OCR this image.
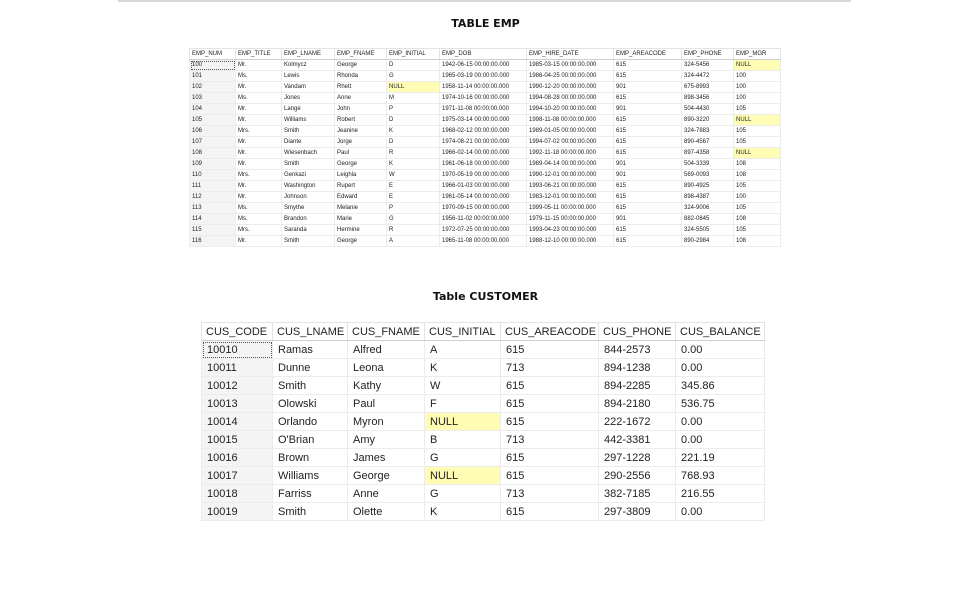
TABLE EMP
EMP_NUM	EMP_TITLE	EMP_LNAME	EMP_FNAME	EMP_INITIAL	EMP_DOB	EMP_HIRE_DATE	EMP_AREACODE	EMP_PHONE	EMP_MGR
100	Mr.	Kolmycz	George	D	1942-06-15 00:00:00.000	1985-03-15 00:00:00.000	615	324-5456	NULL
101	Ms.	Lewis	Rhonda	G	1965-03-19 00:00:00.000	1986-04-25 00:00:00.000	615	324-4472	100
102	Mr.	Vandam	Rhett	NULL	1958-11-14 00:00:00.000	1990-12-20 00:00:00.000	901	675-8993	100
103	Ms.	Jones	Anne	M	1974-10-16 00:00:00.000	1994-08-28 00:00:00.000	615	898-3456	100
104	Mr.	Lange	John	P	1971-11-08 00:00:00.000	1994-10-20 00:00:00.000	901	504-4430	105
105	Mr.	Williams	Robert	D	1975-03-14 00:00:00.000	1998-11-08 00:00:00.000	615	890-3220	NULL
106	Mrs.	Smith	Jeanine	K	1968-02-12 00:00:00.000	1989-01-05 00:00:00.000	615	324-7883	105
107	Mr.	Diante	Jorge	D	1974-08-21 00:00:00.000	1994-07-02 00:00:00.000	615	890-4567	105
108	Mr.	Wiesenbach	Paul	R	1966-02-14 00:00:00.000	1992-11-18 00:00:00.000	615	897-4358	NULL
109	Mr.	Smith	George	K	1961-06-18 00:00:00.000	1989-04-14 00:00:00.000	901	504-3339	108
110	Mrs.	Genkazi	Leighla	W	1970-05-19 00:00:00.000	1990-12-01 00:00:00.000	901	569-0093	108
111	Mr.	Washington	Rupert	E	1966-01-03 00:00:00.000	1993-06-21 00:00:00.000	615	890-4925	105
112	Mr.	Johnson	Edward	E	1961-05-14 00:00:00.000	1983-12-01 00:00:00.000	615	898-4387	100
113	Ms.	Smythe	Melanie	P	1970-09-15 00:00:00.000	1999-05-11 00:00:00.000	615	324-9006	105
114	Ms.	Brandon	Marie	G	1956-11-02 00:00:00.000	1979-11-15 00:00:00.000	901	882-0845	108
115	Mrs.	Saranda	Hermine	R	1972-07-25 00:00:00.000	1993-04-23 00:00:00.000	615	324-5505	105
116	Mr.	Smith	George	A	1965-11-08 00:00:00.000	1988-12-10 00:00:00.000	615	890-2984	108
Table CUSTOMER
CUS_CODE	CUS_LNAME	CUS_FNAME	CUS_INITIAL	CUS_AREACODE	CUS_PHONE	CUS_BALANCE
10010	Ramas	Alfred	A	615	844-2573	0.00
10011	Dunne	Leona	K	713	894-1238	0.00
10012	Smith	Kathy	W	615	894-2285	345.86
10013	Olowski	Paul	F	615	894-2180	536.75
10014	Orlando	Myron	NULL	615	222-1672	0.00
10015	O'Brian	Amy	B	713	442-3381	0.00
10016	Brown	James	G	615	297-1228	221.19
10017	Williams	George	NULL	615	290-2556	768.93
10018	Farriss	Anne	G	713	382-7185	216.55
10019	Smith	Olette	K	615	297-3809	0.00
